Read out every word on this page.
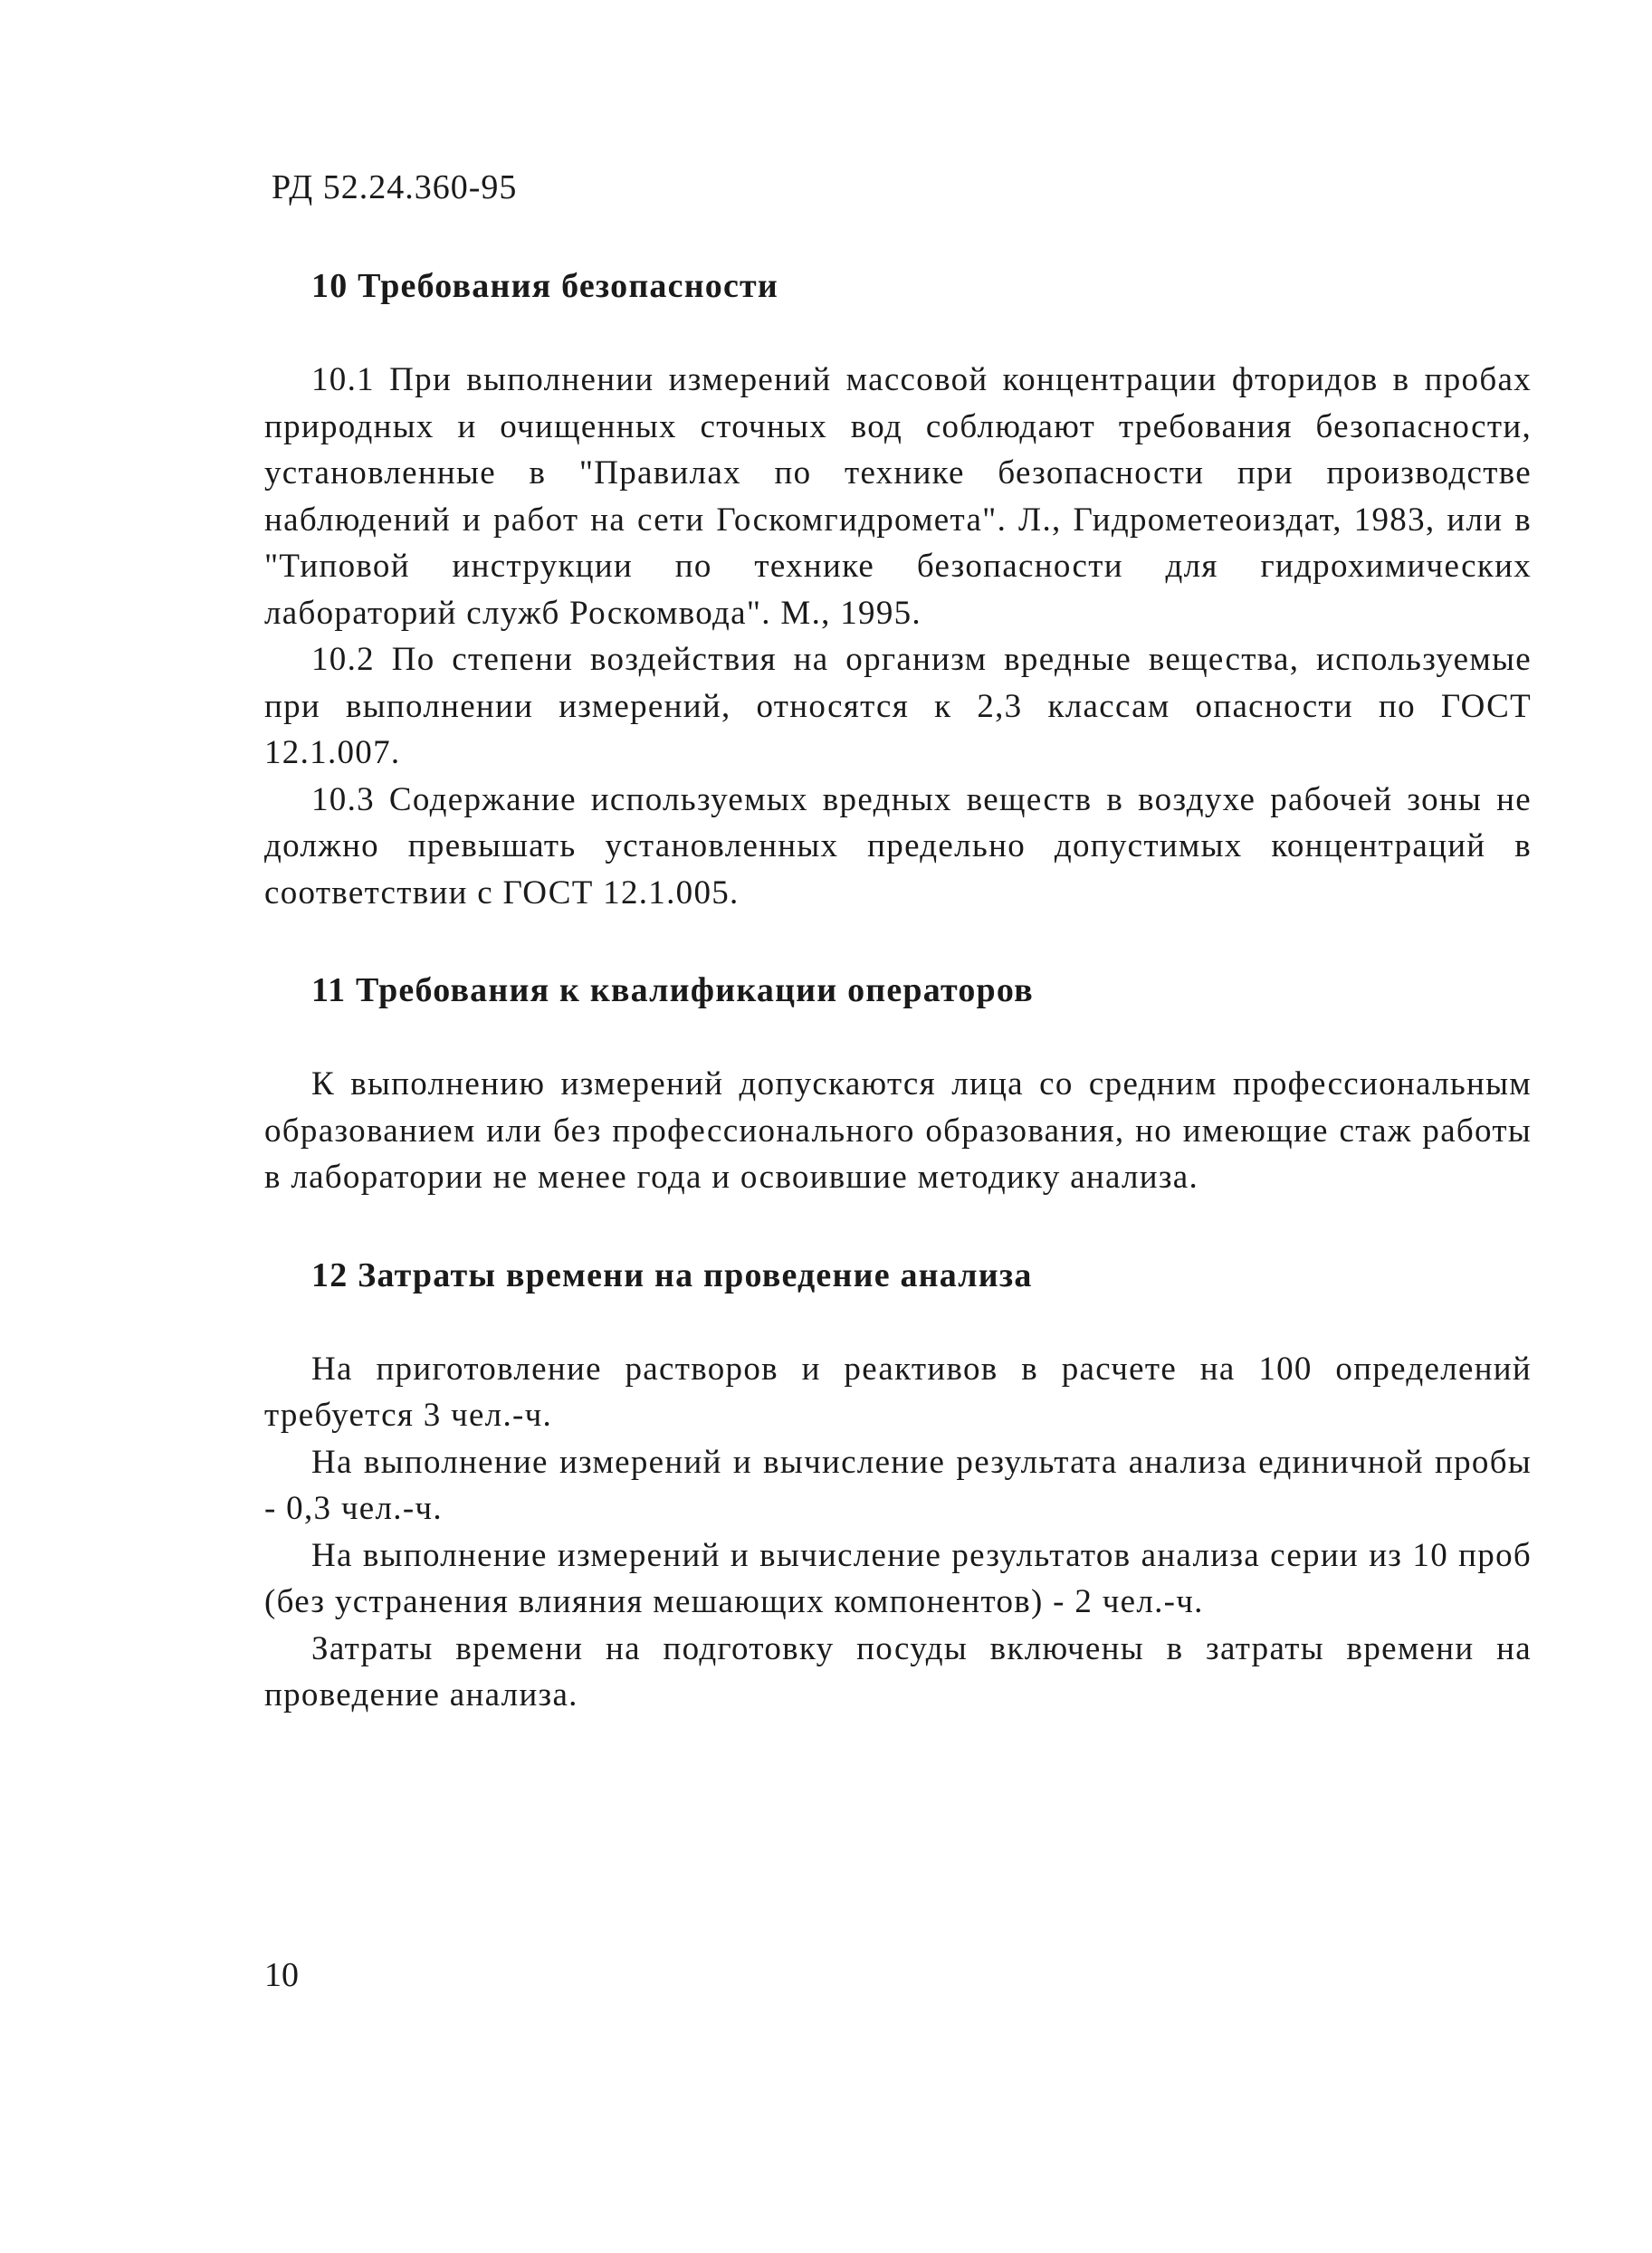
РД 52.24.360-95
10 Требования безопасности

10.1 При выполнении измерений массовой концентрации фторидов в пробах природных и очищенных сточных вод соблюдают требования безопасности, установленные в "Правилах по технике безопасности при производстве наблюдений и работ на сети Госкомгидромета". Л., Гидрометеоиздат, 1983, или в "Типовой инструкции по технике безопасности для гидрохимических лабораторий служб Роскомвода". М., 1995.

10.2 По степени воздействия на организм вредные вещества, используемые при выполнении измерений, относятся к 2,3 классам опасности по ГОСТ 12.1.007.

10.3 Содержание используемых вредных веществ в воздухе рабочей зоны не должно превышать установленных предельно допустимых концентраций в соответствии с ГОСТ 12.1.005.

11 Требования к квалификации операторов

К выполнению измерений допускаются лица со средним профессиональным образованием или без профессионального образования, но имеющие стаж работы в лаборатории не менее года и освоившие методику анализа.

12 Затраты времени на проведение анализа

На приготовление растворов и реактивов в расчете на 100 определений требуется 3 чел.-ч.

На выполнение измерений и вычисление результата анализа единичной пробы - 0,3 чел.-ч.

На выполнение измерений и вычисление результатов анализа серии из 10 проб (без устранения влияния мешающих компонентов) - 2 чел.-ч.

Затраты времени на подготовку посуды включены в затраты времени на проведение анализа.

10
